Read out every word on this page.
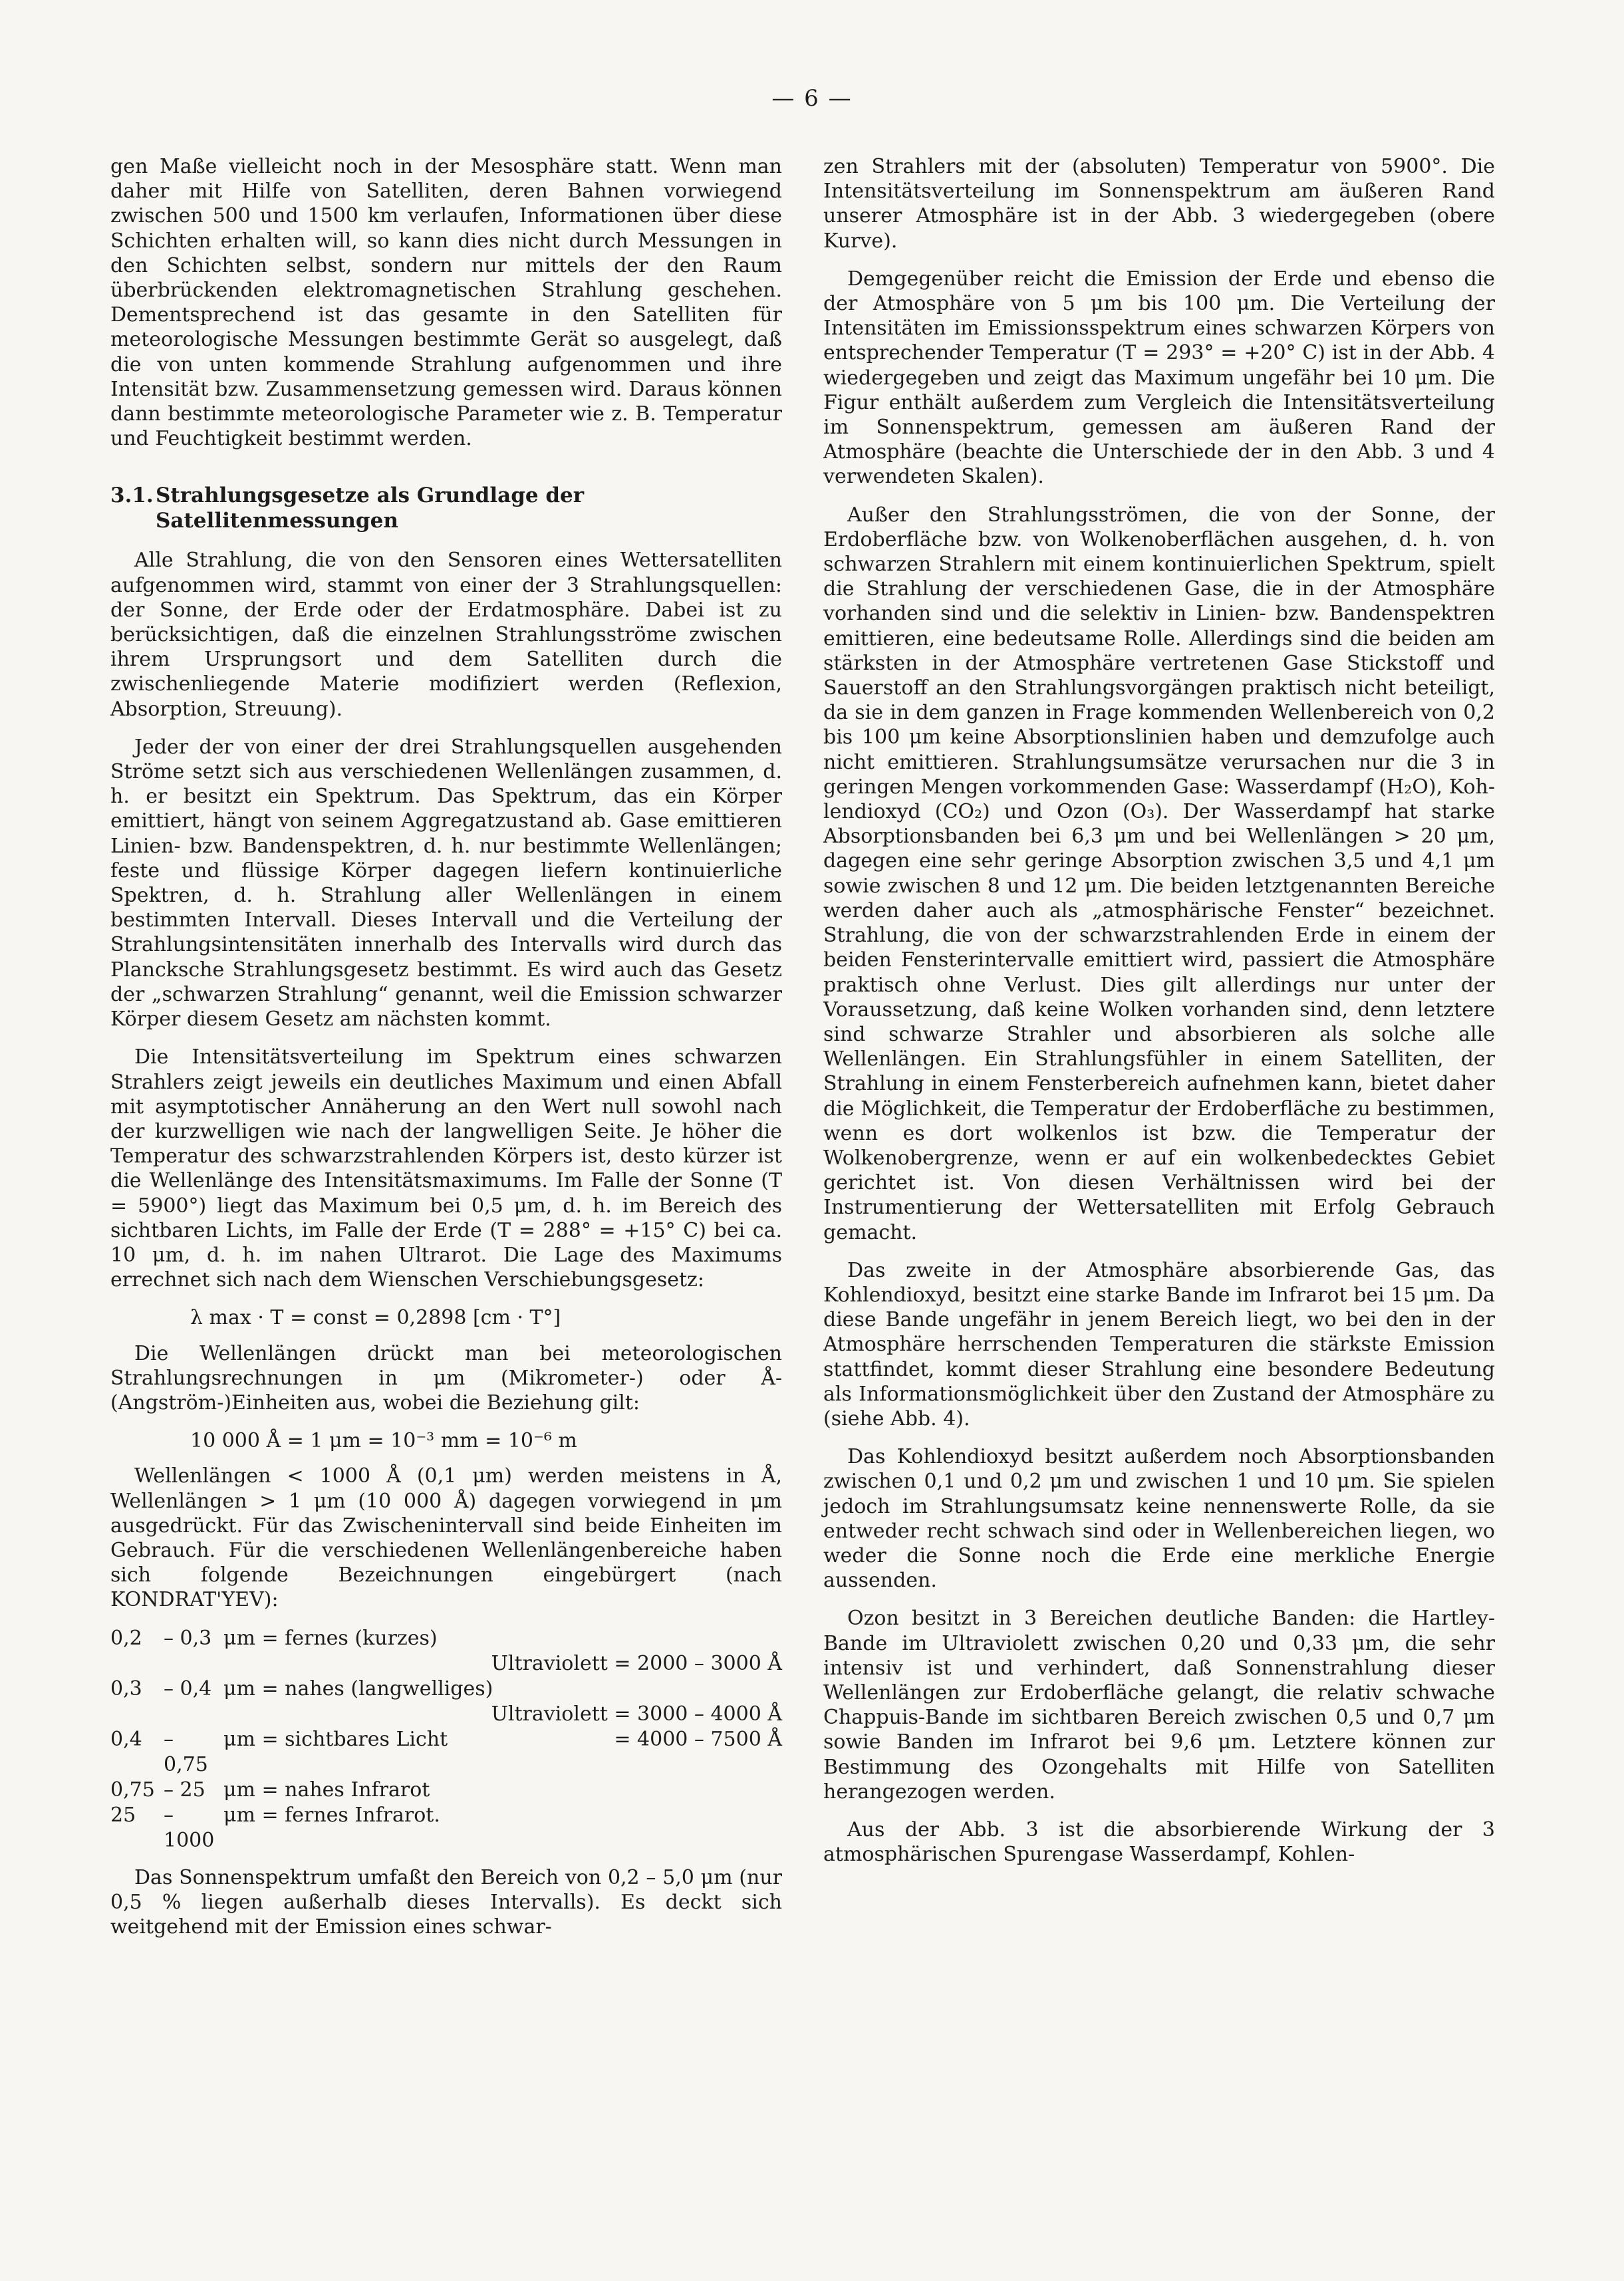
— 6 —

gen Maße vielleicht noch in der Mesosphäre statt. Wenn man daher mit Hilfe von Satelliten, deren Bahnen vorwiegend zwischen 500 und 1500 km verlaufen, Informationen über diese Schichten erhalten will, so kann dies nicht durch Messungen in den Schichten selbst, sondern nur mittels der den Raum überbrückenden elektromagnetischen Strahlung geschehen. Dementsprechend ist das gesamte in den Satelliten für meteorologische Messungen bestimmte Gerät so ausgelegt, daß die von unten kommende Strahlung aufgenommen und ihre Intensität bzw. Zusammensetzung gemessen wird. Daraus können dann bestimmte meteorologische Parameter wie z. B. Temperatur und Feuchtigkeit bestimmt werden.

3.1. Strahlungsgesetze als Grundlage der Satellitenmessungen

Alle Strahlung, die von den Sensoren eines Wettersatelliten aufgenommen wird, stammt von einer der 3 Strahlungsquellen: der Sonne, der Erde oder der Erdatmosphäre. Dabei ist zu berücksichtigen, daß die einzelnen Strahlungsströme zwischen ihrem Ursprungsort und dem Satelliten durch die zwischenliegende Materie modifiziert werden (Reflexion, Absorption, Streuung).

Jeder der von einer der drei Strahlungsquellen ausgehenden Ströme setzt sich aus verschiedenen Wellenlängen zusammen, d. h. er besitzt ein Spektrum. Das Spektrum, das ein Körper emittiert, hängt von seinem Aggregatzustand ab. Gase emittieren Linien- bzw. Bandenspektren, d. h. nur bestimmte Wellenlängen; feste und flüssige Körper dagegen liefern kontinuierliche Spektren, d. h. Strahlung aller Wellenlängen in einem bestimmten Intervall. Dieses Intervall und die Verteilung der Strahlungsintensitäten innerhalb des Intervalls wird durch das Plancksche Strahlungsgesetz bestimmt. Es wird auch das Gesetz der „schwarzen Strahlung“ genannt, weil die Emission schwarzer Körper diesem Gesetz am nächsten kommt.

Die Intensitätsverteilung im Spektrum eines schwarzen Strahlers zeigt jeweils ein deutliches Maximum und einen Abfall mit asymptotischer Annäherung an den Wert null sowohl nach der kurzwelligen wie nach der langwelligen Seite. Je höher die Temperatur des schwarzstrahlenden Körpers ist, desto kürzer ist die Wellenlänge des Intensitätsmaximums. Im Falle der Sonne (T = 5900°) liegt das Maximum bei 0,5 μm, d. h. im Bereich des sichtbaren Lichts, im Falle der Erde (T = 288° = +15° C) bei ca. 10 μm, d. h. im nahen Ultrarot. Die Lage des Maximums errechnet sich nach dem Wienschen Verschiebungsgesetz:

λ max · T = const = 0,2898 [cm · T°]

Die Wellenlängen drückt man bei meteorologischen Strahlungsrechnungen in μm (Mikrometer-) oder Å-(Angström-)Einheiten aus, wobei die Beziehung gilt:

10 000 Å = 1 μm = 10⁻³ mm = 10⁻⁶ m

Wellenlängen < 1000 Å (0,1 μm) werden meistens in Å, Wellenlängen > 1 μm (10 000 Å) dagegen vorwiegend in μm ausgedrückt. Für das Zwischenintervall sind beide Einheiten im Gebrauch. Für die verschiedenen Wellenlängenbereiche haben sich folgende Bezeichnungen eingebürgert (nach KONDRAT'YEV):

0,2	– 0,3	μm = fernes (kurzes)	
Ultraviolett = 2000 – 3000 Å			
0,3	– 0,4	μm = nahes (langwelliges)	
Ultraviolett = 3000 – 4000 Å			
0,4	– 0,75	μm = sichtbares Licht	= 4000 – 7500 Å
0,75	– 25	μm = nahes Infrarot	
25	– 1000	μm = fernes Infrarot.	

Das Sonnenspektrum umfaßt den Bereich von 0,2 – 5,0 μm (nur 0,5 % liegen außerhalb dieses Intervalls). Es deckt sich weitgehend mit der Emission eines schwar-

zen Strahlers mit der (absoluten) Temperatur von 5900°. Die Intensitätsverteilung im Sonnenspektrum am äußeren Rand unserer Atmosphäre ist in der Abb. 3 wiedergegeben (obere Kurve).

Demgegenüber reicht die Emission der Erde und ebenso die der Atmosphäre von 5 μm bis 100 μm. Die Verteilung der Intensitäten im Emissionsspektrum eines schwarzen Körpers von entsprechender Temperatur (T = 293° = +20° C) ist in der Abb. 4 wiedergegeben und zeigt das Maximum ungefähr bei 10 μm. Die Figur enthält außerdem zum Vergleich die Intensitätsverteilung im Sonnenspektrum, gemessen am äußeren Rand der Atmosphäre (beachte die Unterschiede der in den Abb. 3 und 4 verwendeten Skalen).

Außer den Strahlungsströmen, die von der Sonne, der Erdoberfläche bzw. von Wolkenoberflächen ausgehen, d. h. von schwarzen Strahlern mit einem kontinuierlichen Spektrum, spielt die Strahlung der verschiedenen Gase, die in der Atmosphäre vorhanden sind und die selektiv in Linien- bzw. Bandenspektren emittieren, eine bedeutsame Rolle. Allerdings sind die beiden am stärksten in der Atmosphäre vertretenen Gase Stickstoff und Sauerstoff an den Strahlungsvorgängen praktisch nicht beteiligt, da sie in dem ganzen in Frage kommenden Wellenbereich von 0,2 bis 100 μm keine Absorptionslinien haben und demzufolge auch nicht emittieren. Strahlungsumsätze verursachen nur die 3 in geringen Mengen vorkommenden Gase: Wasserdampf (H₂O), Kohlendioxyd (CO₂) und Ozon (O₃). Der Wasserdampf hat starke Absorptionsbanden bei 6,3 μm und bei Wellenlängen > 20 μm, dagegen eine sehr geringe Absorption zwischen 3,5 und 4,1 μm sowie zwischen 8 und 12 μm. Die beiden letztgenannten Bereiche werden daher auch als „atmosphärische Fenster“ bezeichnet. Strahlung, die von der schwarzstrahlenden Erde in einem der beiden Fensterintervalle emittiert wird, passiert die Atmosphäre praktisch ohne Verlust. Dies gilt allerdings nur unter der Voraussetzung, daß keine Wolken vorhanden sind, denn letztere sind schwarze Strahler und absorbieren als solche alle Wellenlängen. Ein Strahlungsfühler in einem Satelliten, der Strahlung in einem Fensterbereich aufnehmen kann, bietet daher die Möglichkeit, die Temperatur der Erdoberfläche zu bestimmen, wenn es dort wolkenlos ist bzw. die Temperatur der Wolkenobergrenze, wenn er auf ein wolkenbedecktes Gebiet gerichtet ist. Von diesen Verhältnissen wird bei der Instrumentierung der Wettersatelliten mit Erfolg Gebrauch gemacht.

Das zweite in der Atmosphäre absorbierende Gas, das Kohlendioxyd, besitzt eine starke Bande im Infrarot bei 15 μm. Da diese Bande ungefähr in jenem Bereich liegt, wo bei den in der Atmosphäre herrschenden Temperaturen die stärkste Emission stattfindet, kommt dieser Strahlung eine besondere Bedeutung als Informationsmöglichkeit über den Zustand der Atmosphäre zu (siehe Abb. 4).

Das Kohlendioxyd besitzt außerdem noch Absorptionsbanden zwischen 0,1 und 0,2 μm und zwischen 1 und 10 μm. Sie spielen jedoch im Strahlungsumsatz keine nennenswerte Rolle, da sie entweder recht schwach sind oder in Wellenbereichen liegen, wo weder die Sonne noch die Erde eine merkliche Energie aussenden.

Ozon besitzt in 3 Bereichen deutliche Banden: die Hartley-Bande im Ultraviolett zwischen 0,20 und 0,33 μm, die sehr intensiv ist und verhindert, daß Sonnenstrahlung dieser Wellenlängen zur Erdoberfläche gelangt, die relativ schwache Chappuis-Bande im sichtbaren Bereich zwischen 0,5 und 0,7 μm sowie Banden im Infrarot bei 9,6 μm. Letztere können zur Bestimmung des Ozongehalts mit Hilfe von Satelliten herangezogen werden.

Aus der Abb. 3 ist die absorbierende Wirkung der 3 atmosphärischen Spurengase Wasserdampf, Kohlen-
